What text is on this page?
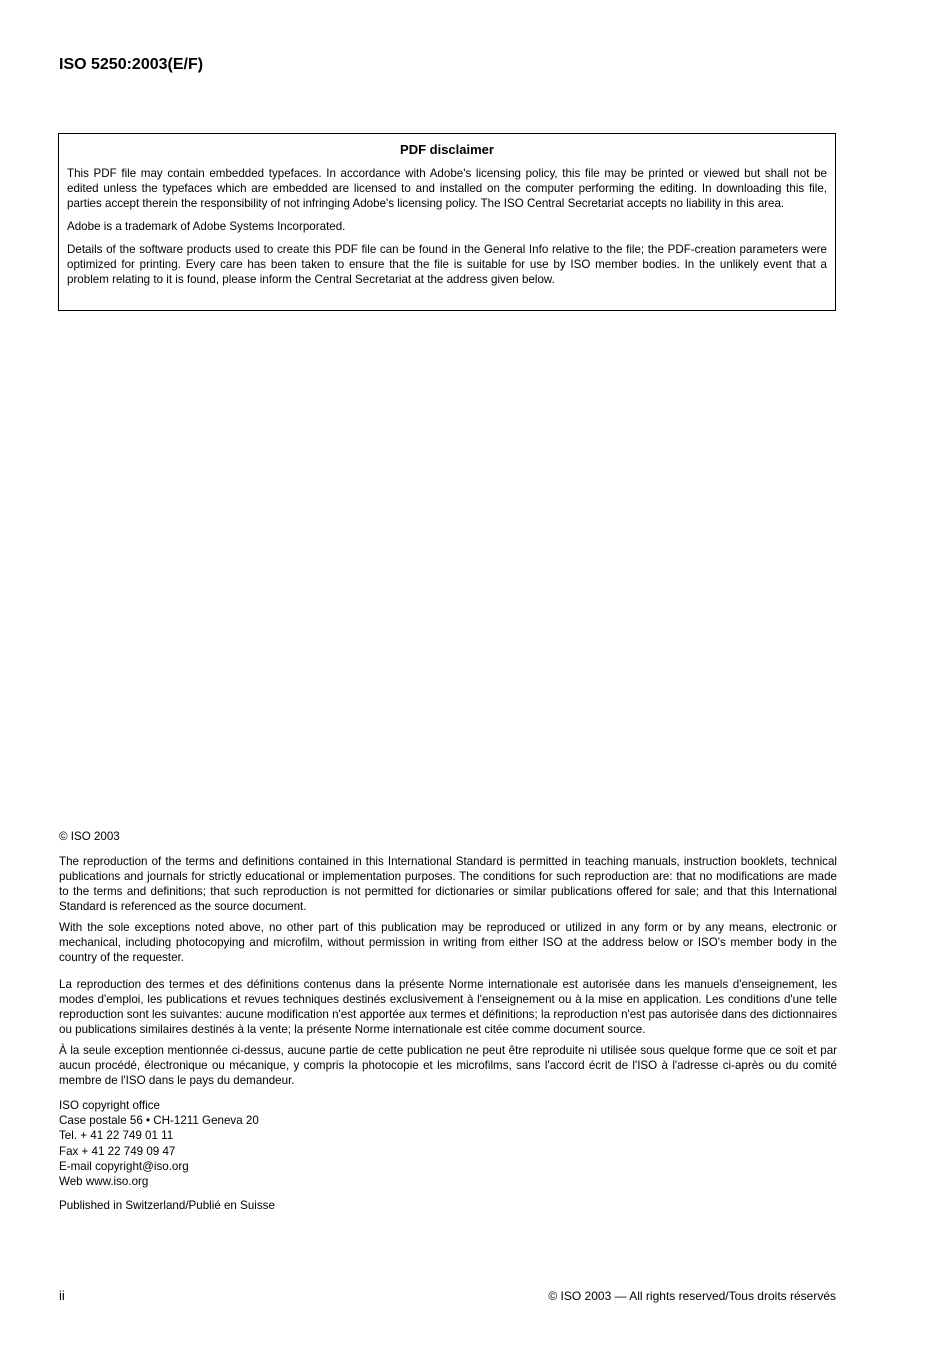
ISO 5250:2003(E/F)
PDF disclaimer

This PDF file may contain embedded typefaces. In accordance with Adobe's licensing policy, this file may be printed or viewed but shall not be edited unless the typefaces which are embedded are licensed to and installed on the computer performing the editing. In downloading this file, parties accept therein the responsibility of not infringing Adobe's licensing policy. The ISO Central Secretariat accepts no liability in this area.

Adobe is a trademark of Adobe Systems Incorporated.

Details of the software products used to create this PDF file can be found in the General Info relative to the file; the PDF-creation parameters were optimized for printing. Every care has been taken to ensure that the file is suitable for use by ISO member bodies. In the unlikely event that a problem relating to it is found, please inform the Central Secretariat at the address given below.

© ISO 2003

The reproduction of the terms and definitions contained in this International Standard is permitted in teaching manuals, instruction booklets, technical publications and journals for strictly educational or implementation purposes. The conditions for such reproduction are: that no modifications are made to the terms and definitions; that such reproduction is not permitted for dictionaries or similar publications offered for sale; and that this International Standard is referenced as the source document.

With the sole exceptions noted above, no other part of this publication may be reproduced or utilized in any form or by any means, electronic or mechanical, including photocopying and microfilm, without permission in writing from either ISO at the address below or ISO's member body in the country of the requester.

La reproduction des termes et des définitions contenus dans la présente Norme internationale est autorisée dans les manuels d'enseignement, les modes d'emploi, les publications et revues techniques destinés exclusivement à l'enseignement ou à la mise en application. Les conditions d'une telle reproduction sont les suivantes: aucune modification n'est apportée aux termes et définitions; la reproduction n'est pas autorisée dans des dictionnaires ou publications similaires destinés à la vente; la présente Norme internationale est citée comme document source.

À la seule exception mentionnée ci-dessus, aucune partie de cette publication ne peut être reproduite ni utilisée sous quelque forme que ce soit et par aucun procédé, électronique ou mécanique, y compris la photocopie et les microfilms, sans l'accord écrit de l'ISO à l'adresse ci-après ou du comité membre de l'ISO dans le pays du demandeur.

ISO copyright office
Case postale 56 • CH-1211 Geneva 20
Tel. + 41 22 749 01 11
Fax + 41 22 749 09 47
E-mail copyright@iso.org
Web www.iso.org
Published in Switzerland/Publié en Suisse
ii	© ISO 2003 — All rights reserved/Tous droits réservés
